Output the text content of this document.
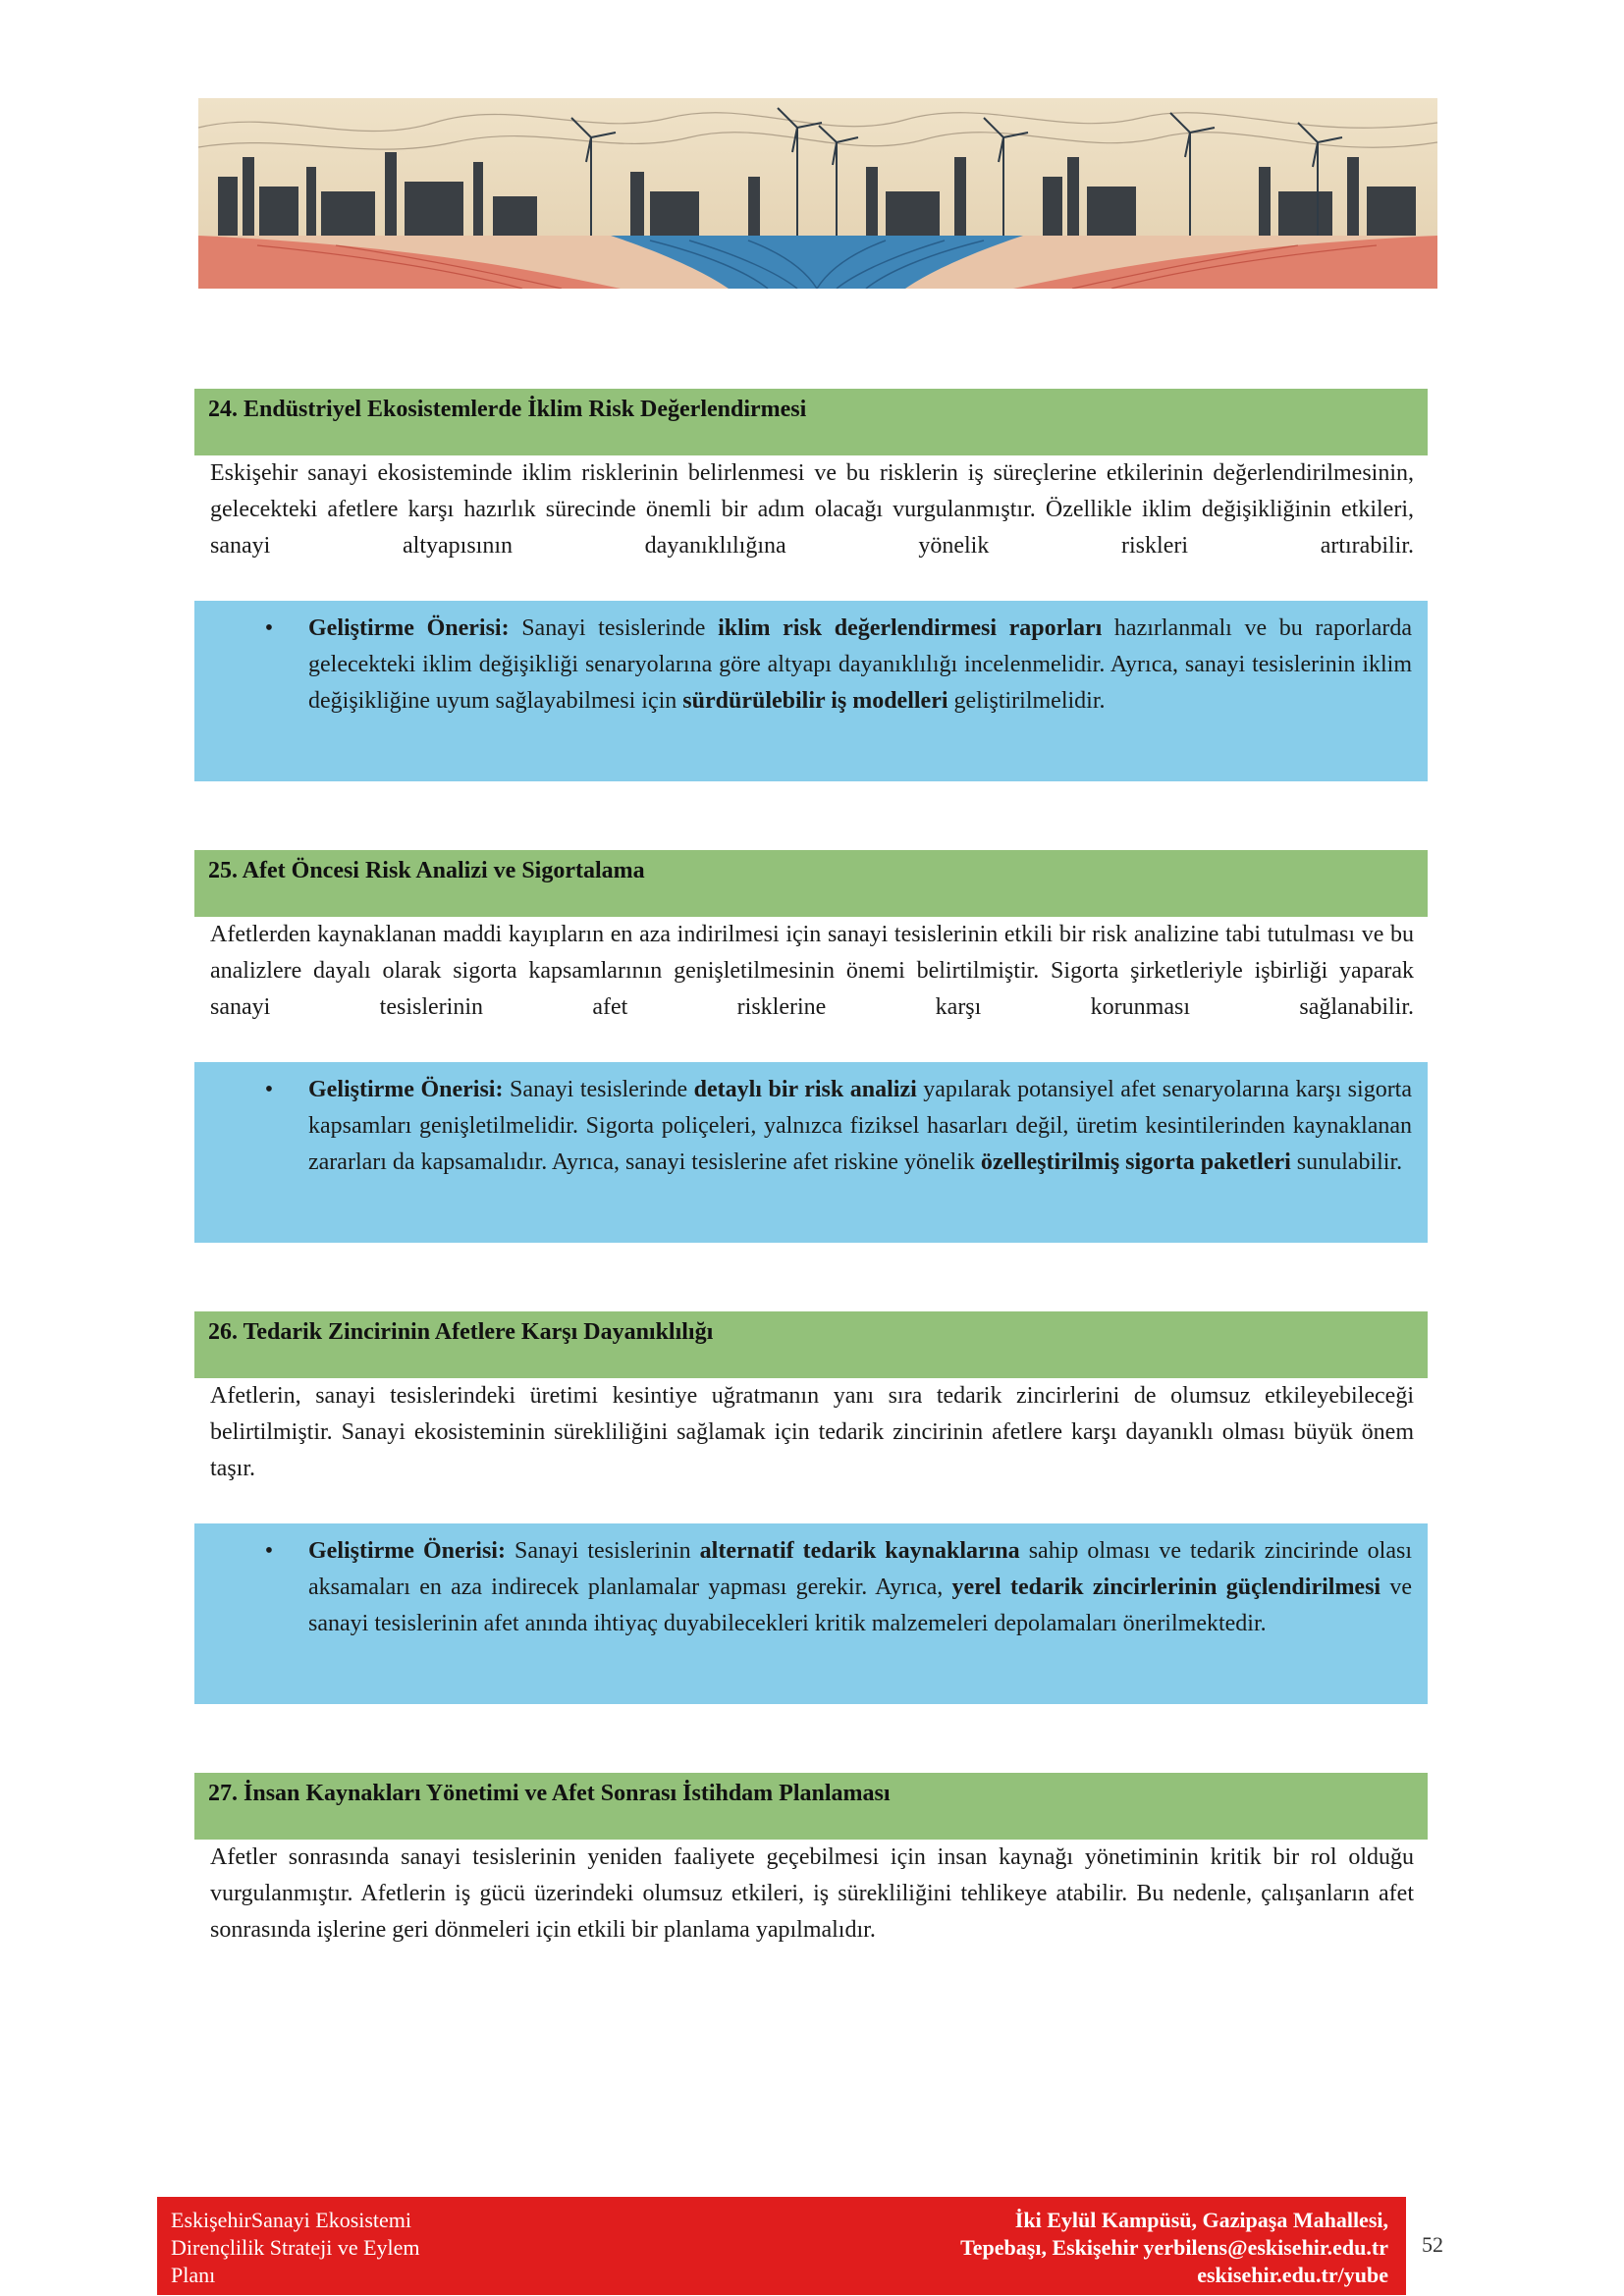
24. Endüstriyel Ekosistemlerde İklim Risk Değerlendirmesi

Eskişehir sanayi ekosisteminde iklim risklerinin belirlenmesi ve bu risklerin iş süreçlerine etkilerinin değerlendirilmesinin, gelecekteki afetlere karşı hazırlık sürecinde önemli bir adım olacağı vurgulanmıştır. Özellikle iklim değişikliğinin etkileri, sanayi altyapısının dayanıklılığına yönelik riskleri artırabilir.

• Geliştirme Önerisi: Sanayi tesislerinde iklim risk değerlendirmesi raporları hazırlanmalı ve bu raporlarda gelecekteki iklim değişikliği senaryolarına göre altyapı dayanıklılığı incelenmelidir. Ayrıca, sanayi tesislerinin iklim değişikliğine uyum sağlayabilmesi için sürdürülebilir iş modelleri geliştirilmelidir.
25. Afet Öncesi Risk Analizi ve Sigortalama

Afetlerden kaynaklanan maddi kayıpların en aza indirilmesi için sanayi tesislerinin etkili bir risk analizine tabi tutulması ve bu analizlere dayalı olarak sigorta kapsamlarının genişletilmesinin önemi belirtilmiştir. Sigorta şirketleriyle işbirliği yaparak sanayi tesislerinin afet risklerine karşı korunması sağlanabilir.

• Geliştirme Önerisi: Sanayi tesislerinde detaylı bir risk analizi yapılarak potansiyel afet senaryolarına karşı sigorta kapsamları genişletilmelidir. Sigorta poliçeleri, yalnızca fiziksel hasarları değil, üretim kesintilerinden kaynaklanan zararları da kapsamalıdır. Ayrıca, sanayi tesislerine afet riskine yönelik özelleştirilmiş sigorta paketleri sunulabilir.
26. Tedarik Zincirinin Afetlere Karşı Dayanıklılığı

Afetlerin, sanayi tesislerindeki üretimi kesintiye uğratmanın yanı sıra tedarik zincirlerini de olumsuz etkileyebileceği belirtilmiştir. Sanayi ekosisteminin sürekliliğini sağlamak için tedarik zincirinin afetlere karşı dayanıklı olması büyük önem taşır.

• Geliştirme Önerisi: Sanayi tesislerinin alternatif tedarik kaynaklarına sahip olması ve tedarik zincirinde olası aksamaları en aza indirecek planlamalar yapması gerekir. Ayrıca, yerel tedarik zincirlerinin güçlendirilmesi ve sanayi tesislerinin afet anında ihtiyaç duyabilecekleri kritik malzemeleri depolamaları önerilmektedir.
27. İnsan Kaynakları Yönetimi ve Afet Sonrası İstihdam Planlaması

Afetler sonrasında sanayi tesislerinin yeniden faaliyete geçebilmesi için insan kaynağı yönetiminin kritik bir rol olduğu vurgulanmıştır. Afetlerin iş gücü üzerindeki olumsuz etkileri, iş sürekliliğini tehlikeye atabilir. Bu nedenle, çalışanların afet sonrasında işlerine geri dönmeleri için etkili bir planlama yapılmalıdır.

EskişehirSanayi Ekosistemi
Dirençlilik Strateji ve Eylem
Planı
İki Eylül Kampüsü, Gazipaşa Mahallesi,
Tepebaşı, Eskişehir yerbilens@eskisehir.edu.tr
eskisehir.edu.tr/yube
52
